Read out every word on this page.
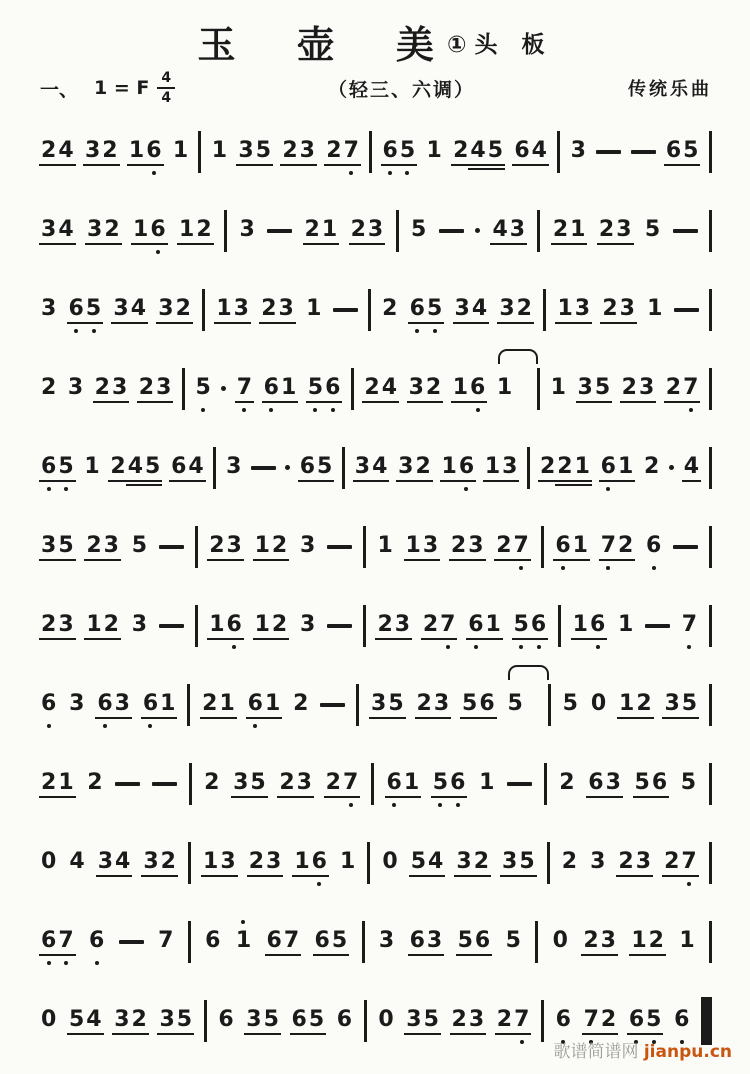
玉 壶 美 ①头 板
一、 1 = F $\frac{4}{4}$	（轻三、六调）	传统乐曲
2 4 3 2 1 6 1 1 3 5 2 3 2 7 6 5 1 2 4 5 6 4 3	6 5
3 4 3 2 1 6 1 2 3 2 1 2 3 5	4 3 2 1 2 3 5
3 6 5 3 4 3 2 1 3 2 3 1	2 6 5 3 4 3 2 1 3 2 3 1
2 3 2 3 2 3 5 7 6 1 5 6 2 4 3 2 1 6 1 1 3 5 2 3 2 7
6 5 1 2 4 5 6 4 3	6 5 3 4 3 2 1 6 1 3 2 2 1 6 1 2 4
3 5 2 3 5	2 3 1 2 3	1 1 3 2 3 2 7 6 1 7 2 6
2 3 1 2 3	1 6 1 2 3	2 3 2 7 6 1 5 6 1 6 1 7
6 3 6 3 6 1 2 1 6 1 2	3 5 2 3 5 6 5 5 0 1 2 3 5
2 1 2	2 3 5 2 3 2 7 6 1 5 6 1	2 6 3 5 6 5
0 4 3 4 3 2 1 3 2 3 1 6 1 0 5 4 3 2 3 5 2 3 2 3 2 7
6 7 6 7 6 1 6 7 6 5 3 6 3 5 6 5 0 2 3 1 2 1
0 5 4 3 2 3 5 6 3 5 6 5 6 0 3 5 2 3 2 7 6 7 2 6 5 6
歌谱简谱网 jianpu.cn
